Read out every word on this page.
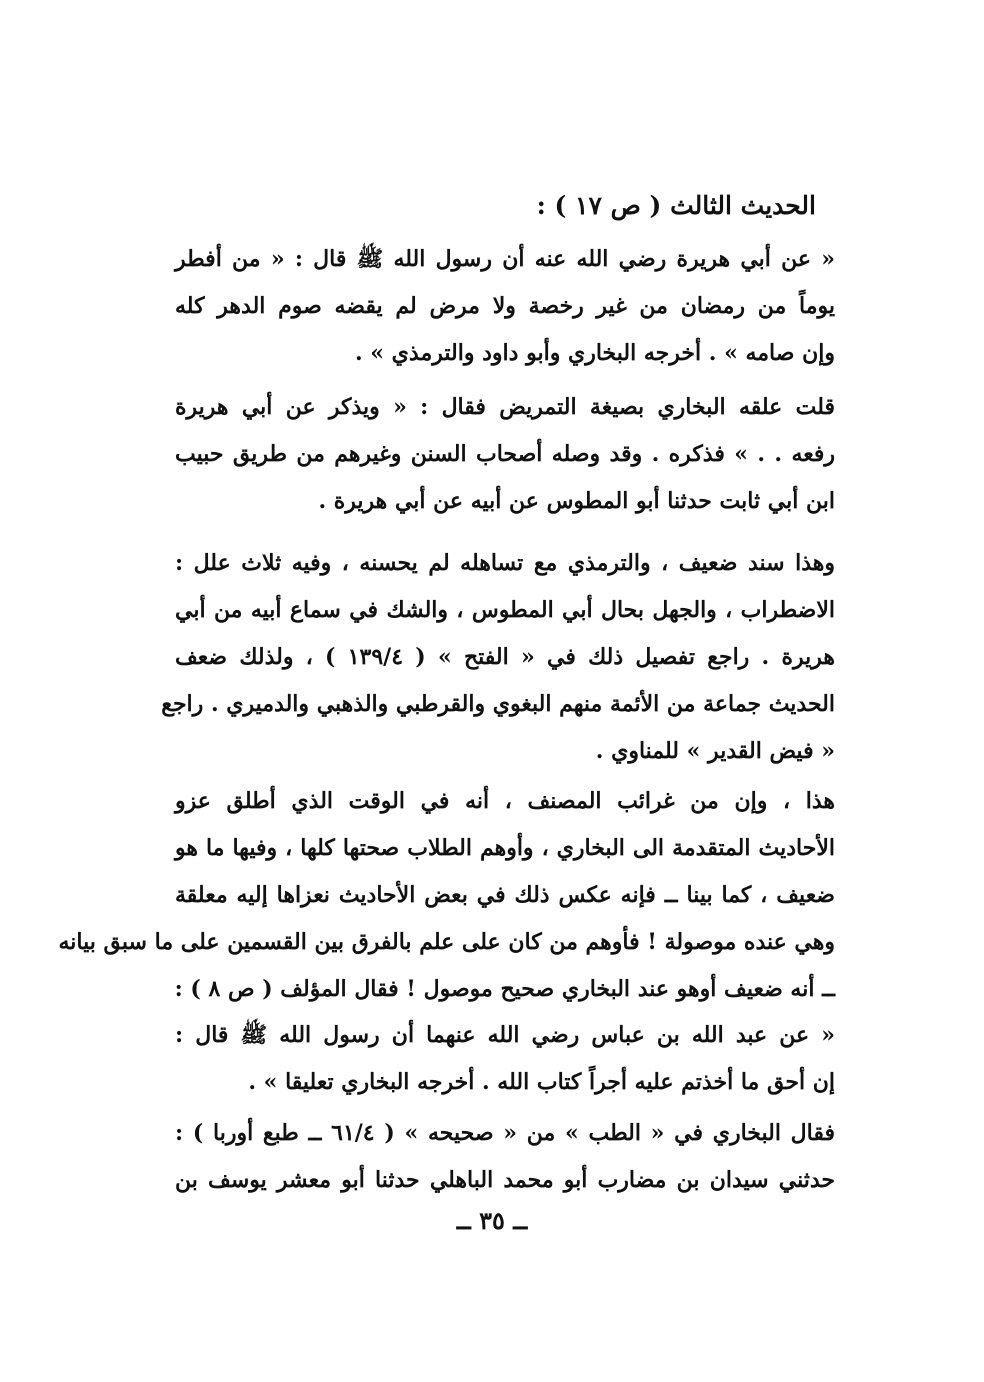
الحديث الثالث ( ص ١٧ ) :
« عن أبي هريرة رضي الله عنه أن رسول الله ﷺ قال : « من أفطر
يوماً من رمضان من غير رخصة ولا مرض لم يقضه صوم الدهر كله
وإن صامه » . أخرجه البخاري وأبو داود والترمذي » .
قلت علقه البخاري بصيغة التمريض فقال : « ويذكر عن أبي هريرة
رفعه . . » فذكره . وقد وصله أصحاب السنن وغيرهم من طريق حبيب
ابن أبي ثابت حدثنا أبو المطوس عن أبيه عن أبي هريرة .
وهذا سند ضعيف ، والترمذي مع تساهله لم يحسنه ، وفيه ثلاث علل :
الاضطراب ، والجهل بحال أبي المطوس ، والشك في سماع أبيه من أبي
هريرة . راجع تفصيل ذلك في « الفتح » ( ١٣٩/٤ ) ، ولذلك ضعف
الحديث جماعة من الأئمة منهم البغوي والقرطبي والذهبي والدميري . راجع
« فيض القدير » للمناوي .
هذا ، وإن من غرائب المصنف ، أنه في الوقت الذي أطلق عزو
الأحاديث المتقدمة الى البخاري ، وأوهم الطلاب صحتها كلها ، وفيها ما هو
ضعيف ، كما بينا ــ فإنه عكس ذلك في بعض الأحاديث نعزاها إليه معلقة
وهي عنده موصولة ! فأوهم من كان على علم بالفرق بين القسمين على ما سبق بيانه
ــ أنه ضعيف أوهو عند البخاري صحيح موصول ! فقال المؤلف ( ص ٨ ) :
« عن عبد الله بن عباس رضي الله عنهما أن رسول الله ﷺ قال :
إن أحق ما أخذتم عليه أجراً كتاب الله . أخرجه البخاري تعليقا » .
فقال البخاري في « الطب » من « صحيحه » ( ٦١/٤ ــ طبع أوربا ) :
حدثني سيدان بن مضارب أبو محمد الباهلي حدثنا أبو معشر يوسف بن
ــ ٣٥ ــ
